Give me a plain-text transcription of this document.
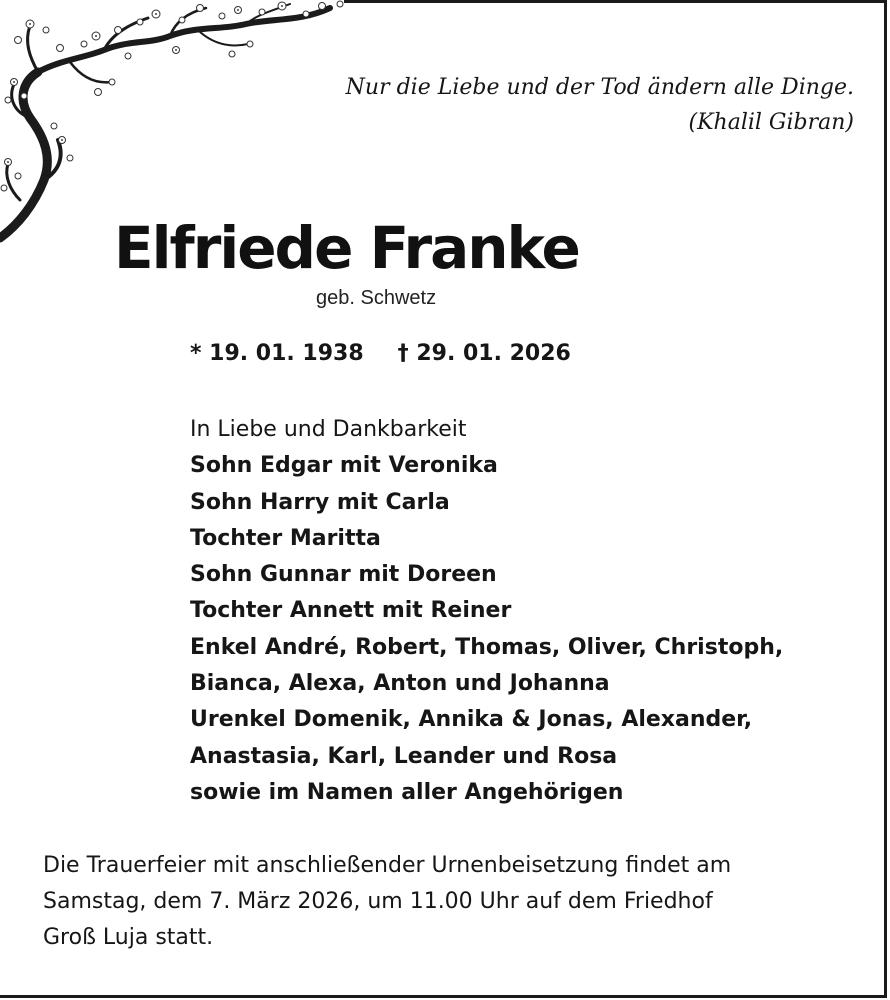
Nur die Liebe und der Tod ändern alle Dinge.
(Khalil Gibran)
Elfriede Franke
geb. Schwetz
* 19. 01. 1938 † 29. 01. 2026
In Liebe und Dankbarkeit
Sohn Edgar mit Veronika
Sohn Harry mit Carla
Tochter Maritta
Sohn Gunnar mit Doreen
Tochter Annett mit Reiner
Enkel André, Robert, Thomas, Oliver, Christoph,
Bianca, Alexa, Anton und Johanna
Urenkel Domenik, Annika & Jonas, Alexander,
Anastasia, Karl, Leander und Rosa
sowie im Namen aller Angehörigen
Die Trauerfeier mit anschließender Urnenbeisetzung findet am
Samstag, dem 7. März 2026, um 11.00 Uhr auf dem Friedhof
Groß Luja statt.
